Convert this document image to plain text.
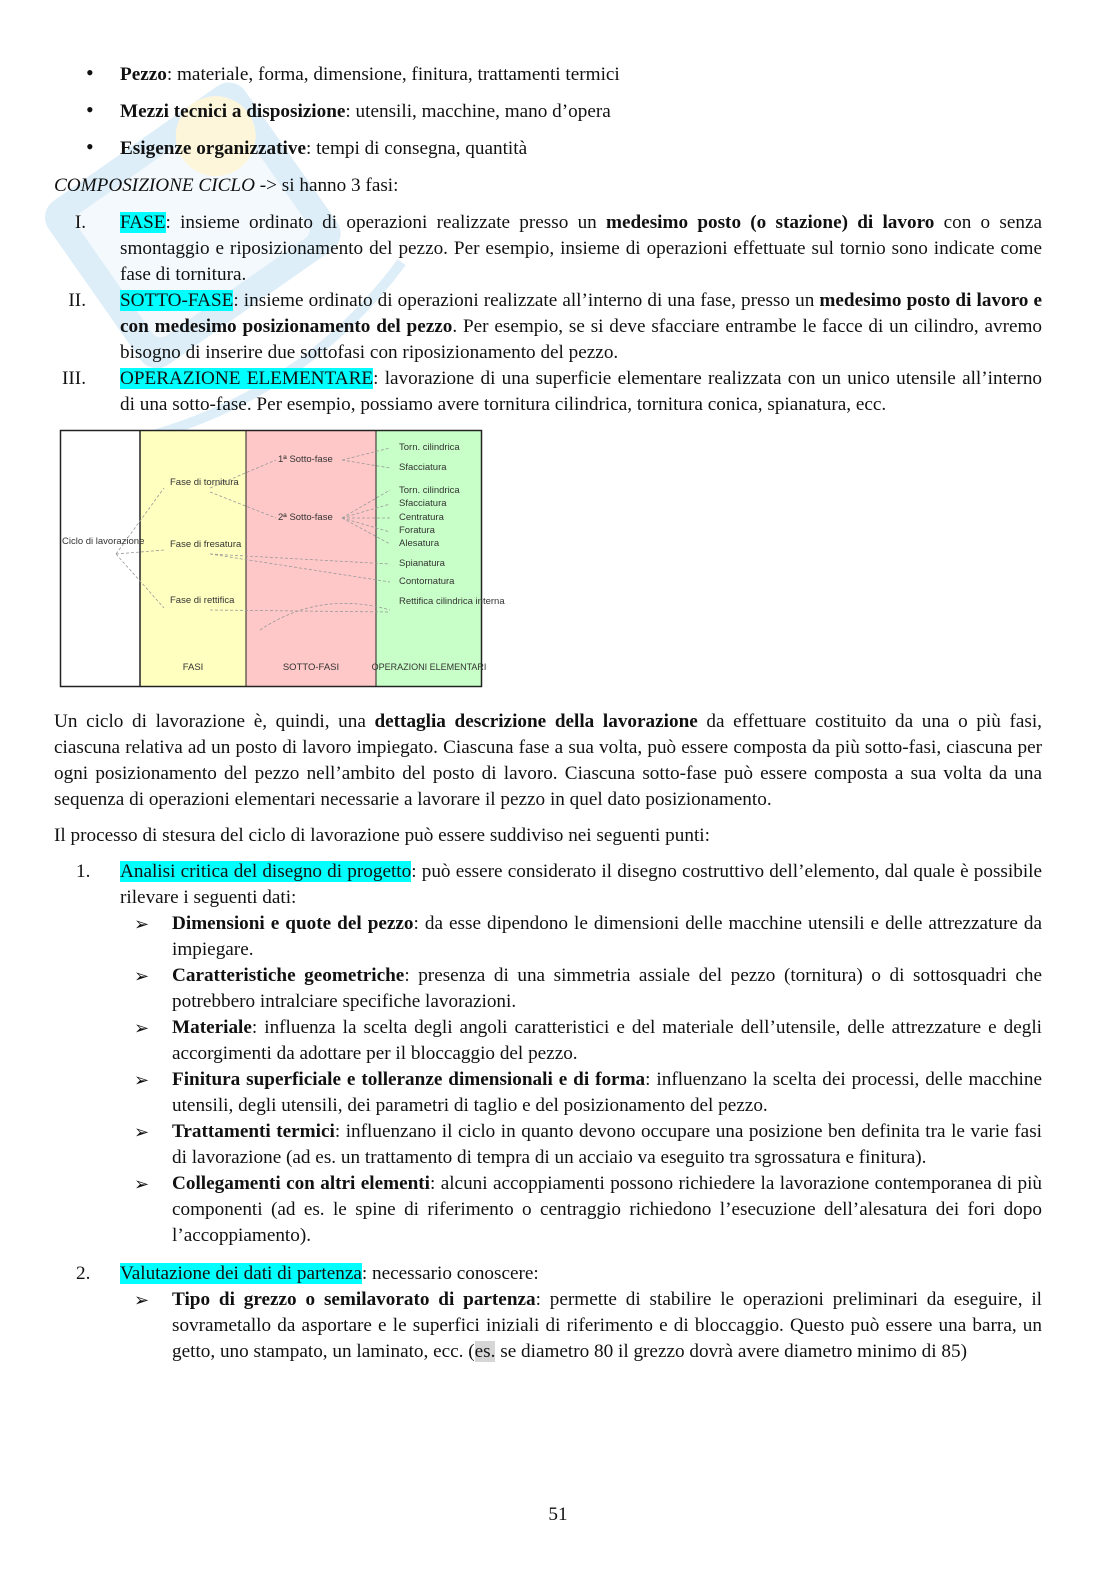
• Pezzo: materiale, forma, dimensione, finitura, trattamenti termici
• Mezzi tecnici a disposizione: utensili, macchine, mano d’opera
• Esigenze organizzative: tempi di consegna, quantità
COMPOSIZIONE CICLO -> si hanno 3 fasi:
I. FASE: insieme ordinato di operazioni realizzate presso un medesimo posto (o stazione) di lavoro con o senza smontaggio e riposizionamento del pezzo. Per esempio, insieme di operazioni effettuate sul tornio sono indicate come fase di tornitura.
II. SOTTO-FASE: insieme ordinato di operazioni realizzate all’interno di una fase, presso un medesimo posto di lavoro e con medesimo posizionamento del pezzo. Per esempio, se si deve sfacciare entrambe le facce di un cilindro, avremo bisogno di inserire due sottofasi con riposizionamento del pezzo.
III. OPERAZIONE ELEMENTARE: lavorazione di una superficie elementare realizzata con un unico utensile all’interno di una sotto-fase. Per esempio, possiamo avere tornitura cilindrica, tornitura conica, spianatura, ecc.
Ciclo di lavorazione
Fase di tornitura
Fase di fresatura
Fase di rettifica
1ª Sotto-fase
2ª Sotto-fase
Torn. cilindrica
Sfacciatura
Torn. cilindrica
Sfacciatura
Centratura
Foratura
Alesatura
Spianatura
Contornatura
Rettifica cilindrica interna
FASI	SOTTO-FASI	OPERAZIONI ELEMENTARI
Un ciclo di lavorazione è, quindi, una dettaglia descrizione della lavorazione da effettuare costituito da una o più fasi, ciascuna relativa ad un posto di lavoro impiegato. Ciascuna fase a sua volta, può essere composta da più sotto-fasi, ciascuna per ogni posizionamento del pezzo nell’ambito del posto di lavoro. Ciascuna sotto-fase può essere composta a sua volta da una sequenza di operazioni elementari necessarie a lavorare il pezzo in quel dato posizionamento.
Il processo di stesura del ciclo di lavorazione può essere suddiviso nei seguenti punti:
1. Analisi critica del disegno di progetto: può essere considerato il disegno costruttivo dell’elemento, dal quale è possibile rilevare i seguenti dati:
➢ Dimensioni e quote del pezzo: da esse dipendono le dimensioni delle macchine utensili e delle attrezzature da impiegare.
➢ Caratteristiche geometriche: presenza di una simmetria assiale del pezzo (tornitura) o di sottosquadri che potrebbero intralciare specifiche lavorazioni.
➢ Materiale: influenza la scelta degli angoli caratteristici e del materiale dell’utensile, delle attrezzature e degli accorgimenti da adottare per il bloccaggio del pezzo.
➢ Finitura superficiale e tolleranze dimensionali e di forma: influenzano la scelta dei processi, delle macchine utensili, degli utensili, dei parametri di taglio e del posizionamento del pezzo.
➢ Trattamenti termici: influenzano il ciclo in quanto devono occupare una posizione ben definita tra le varie fasi di lavorazione (ad es. un trattamento di tempra di un acciaio va eseguito tra sgrossatura e finitura).
➢ Collegamenti con altri elementi: alcuni accoppiamenti possono richiedere la lavorazione contemporanea di più componenti (ad es. le spine di riferimento o centraggio richiedono l’esecuzione dell’alesatura dei fori dopo l’accoppiamento).
2. Valutazione dei dati di partenza: necessario conoscere:
➢ Tipo di grezzo o semilavorato di partenza: permette di stabilire le operazioni preliminari da eseguire, il sovrametallo da asportare e le superfici iniziali di riferimento e di bloccaggio. Questo può essere una barra, un getto, uno stampato, un laminato, ecc. (es. se diametro 80 il grezzo dovrà avere diametro minimo di 85)
51
